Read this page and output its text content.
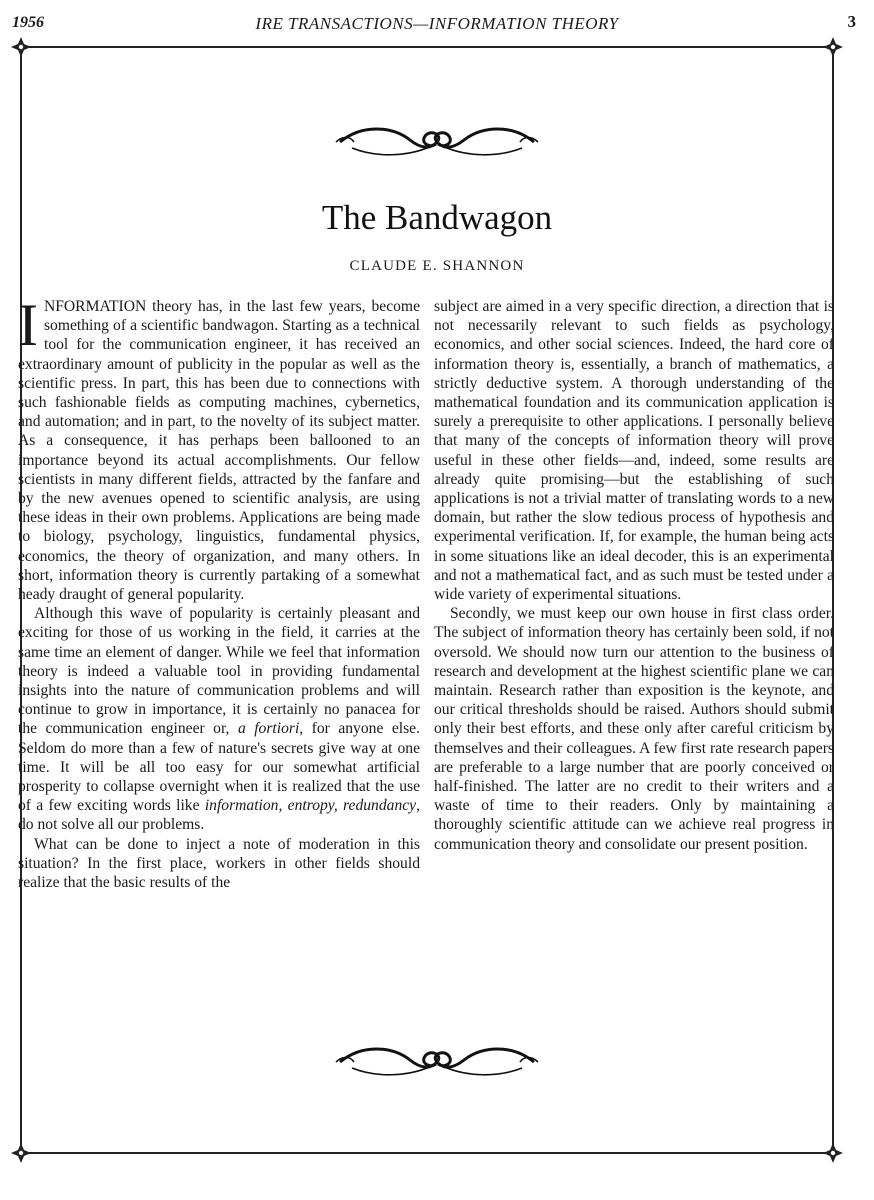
1956	IRE TRANSACTIONS—INFORMATION THEORY	3
The Bandwagon
CLAUDE E. SHANNON

INFORMATION theory has, in the last few years, become something of a scientific bandwagon. Starting as a technical tool for the communication engineer, it has received an extraordinary amount of publicity in the popular as well as the scientific press. In part, this has been due to connections with such fashionable fields as computing machines, cybernetics, and automation; and in part, to the novelty of its subject matter. As a consequence, it has perhaps been ballooned to an importance beyond its actual accomplishments. Our fellow scientists in many different fields, attracted by the fanfare and by the new avenues opened to scientific analysis, are using these ideas in their own problems. Applications are being made to biology, psychology, linguistics, fundamental physics, economics, the theory of organization, and many others. In short, information theory is currently partaking of a somewhat heady draught of general popularity.

Although this wave of popularity is certainly pleasant and exciting for those of us working in the field, it carries at the same time an element of danger. While we feel that information theory is indeed a valuable tool in providing fundamental insights into the nature of communication problems and will continue to grow in importance, it is certainly no panacea for the communication engineer or, a fortiori, for anyone else. Seldom do more than a few of nature's secrets give way at one time. It will be all too easy for our somewhat artificial prosperity to collapse overnight when it is realized that the use of a few exciting words like information, entropy, redundancy, do not solve all our problems.

What can be done to inject a note of moderation in this situation? In the first place, workers in other fields should realize that the basic results of the

subject are aimed in a very specific direction, a direction that is not necessarily relevant to such fields as psychology, economics, and other social sciences. Indeed, the hard core of information theory is, essentially, a branch of mathematics, a strictly deductive system. A thorough understanding of the mathematical foundation and its communication application is surely a prerequisite to other applications. I personally believe that many of the concepts of information theory will prove useful in these other fields—and, indeed, some results are already quite promising—but the establishing of such applications is not a trivial matter of translating words to a new domain, but rather the slow tedious process of hypothesis and experimental verification. If, for example, the human being acts in some situations like an ideal decoder, this is an experimental and not a mathematical fact, and as such must be tested under a wide variety of experimental situations.

Secondly, we must keep our own house in first class order. The subject of information theory has certainly been sold, if not oversold. We should now turn our attention to the business of research and development at the highest scientific plane we can maintain. Research rather than exposition is the keynote, and our critical thresholds should be raised. Authors should submit only their best efforts, and these only after careful criticism by themselves and their colleagues. A few first rate research papers are preferable to a large number that are poorly conceived or half-finished. The latter are no credit to their writers and a waste of time to their readers. Only by maintaining a thoroughly scientific attitude can we achieve real progress in communication theory and consolidate our present position.
